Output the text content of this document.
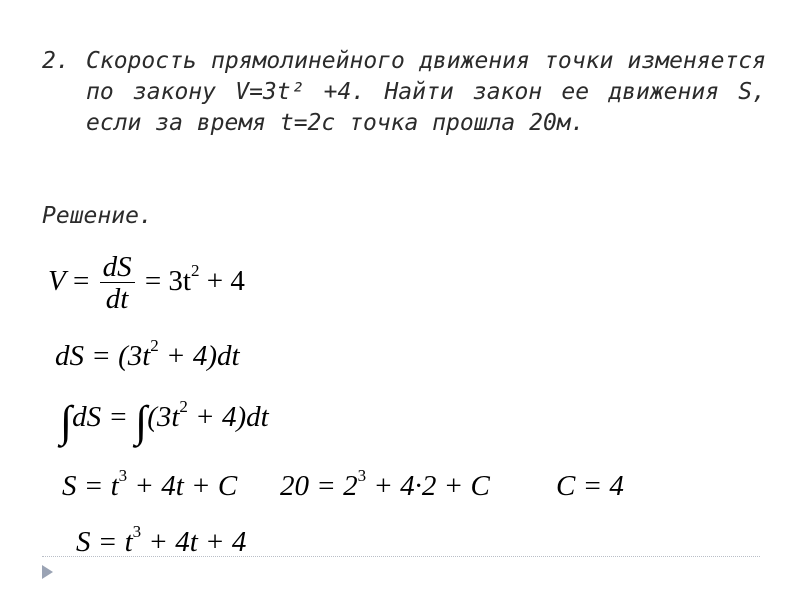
2. Скорость прямолинейного движения точки изменяется по закону V=3t² +4. Найти закон ее движения S, если за время t=2с точка прошла 20м.
Решение.
$V = \frac{dS}{dt} = 3t^2 + 4$
dS = $(3t^2 + 4)dt$
$\int dS = \int(3t^2 + 4)dt$
$S = t^3 + 4t + C$ $20 = 2^3 + 4\cdot 2 + C$ C = 4
$S = t^3 + 4t + 4$
